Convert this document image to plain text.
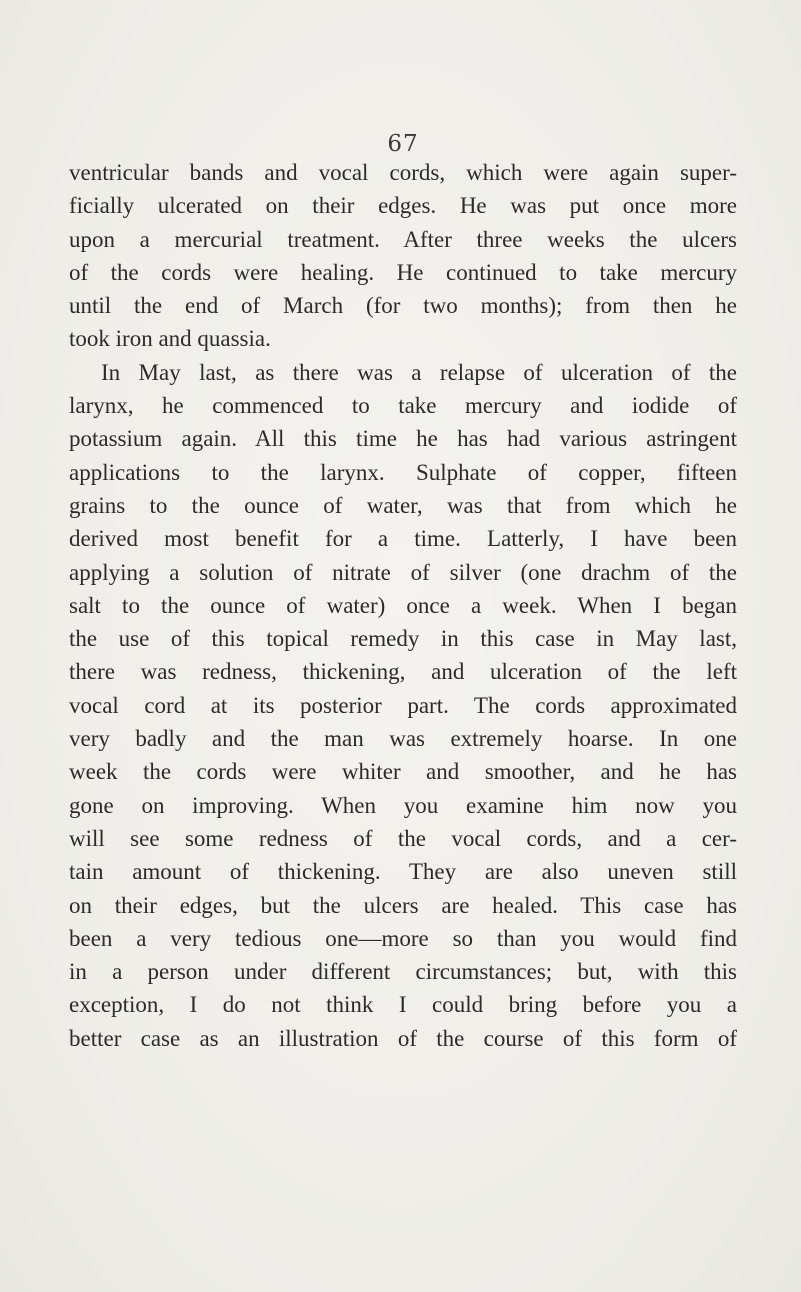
67
ventricular bands and vocal cords, which were again super-
ficially ulcerated on their edges. He was put once more
upon a mercurial treatment. After three weeks the ulcers
of the cords were healing. He continued to take mercury
until the end of March (for two months); from then he
took iron and quassia.
In May last, as there was a relapse of ulceration of the
larynx, he commenced to take mercury and iodide of
potassium again. All this time he has had various astringent
applications to the larynx. Sulphate of copper, fifteen
grains to the ounce of water, was that from which he
derived most benefit for a time. Latterly, I have been
applying a solution of nitrate of silver (one drachm of the
salt to the ounce of water) once a week. When I began
the use of this topical remedy in this case in May last,
there was redness, thickening, and ulceration of the left
vocal cord at its posterior part. The cords approximated
very badly and the man was extremely hoarse. In one
week the cords were whiter and smoother, and he has
gone on improving. When you examine him now you
will see some redness of the vocal cords, and a cer-
tain amount of thickening. They are also uneven still
on their edges, but the ulcers are healed. This case has
been a very tedious one—more so than you would find
in a person under different circumstances; but, with this
exception, I do not think I could bring before you a
better case as an illustration of the course of this form of
